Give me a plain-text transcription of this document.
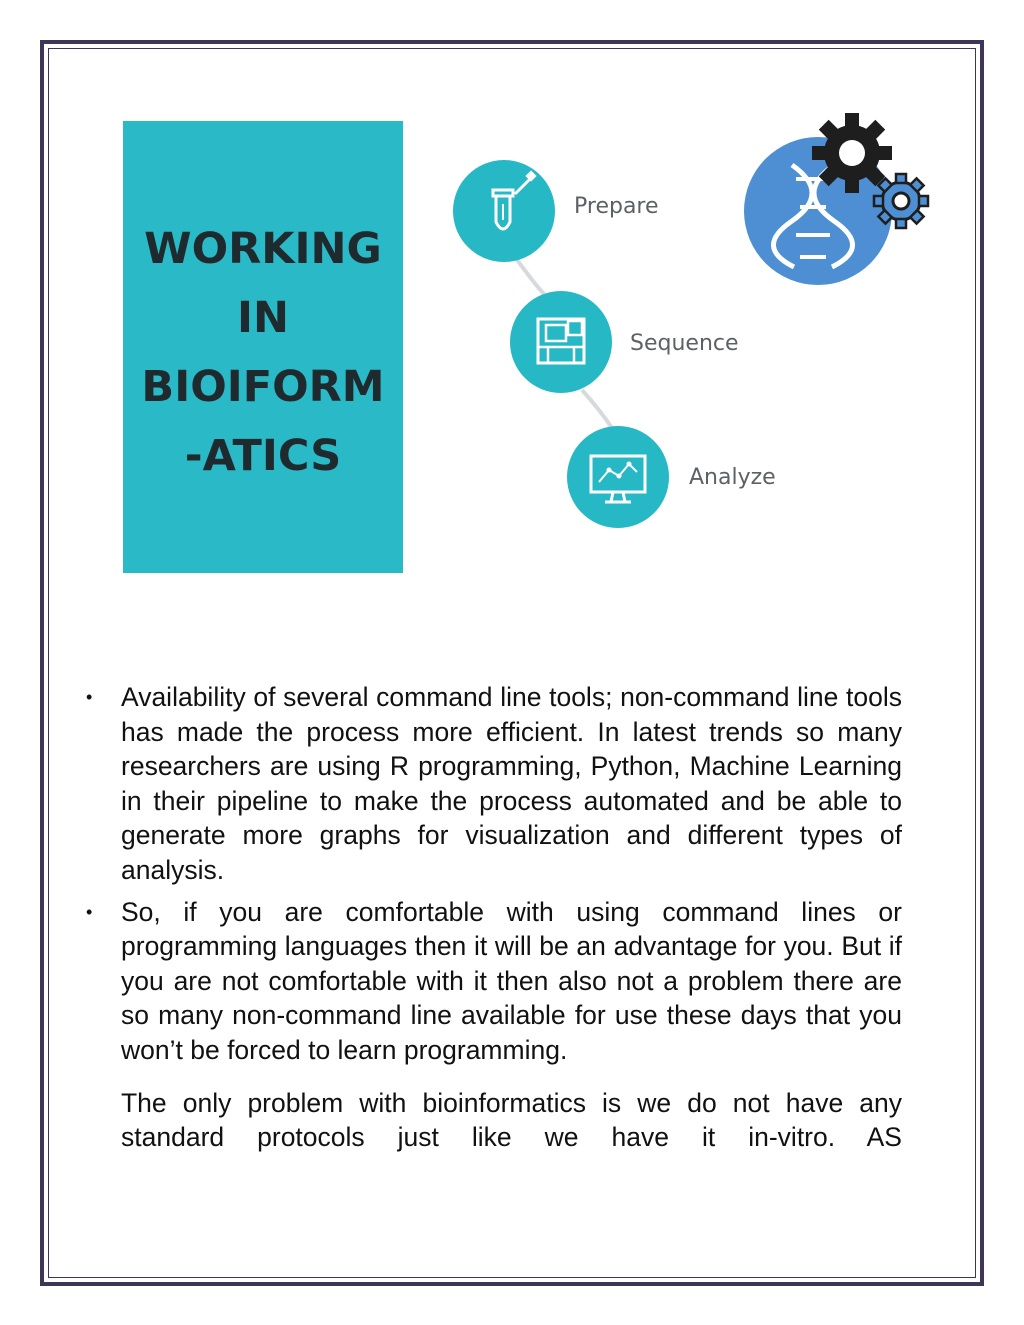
WORKING
IN
BIOIFORM
-ATICS
Prepare
Sequence
Analyze
• Availability of several command line tools; non-command line tools has made the process more efficient. In latest trends so many researchers are using R programming, Python, Machine Learning in their pipeline to make the process automated and be able to generate more graphs for visualization and different types of analysis.
• So, if you are comfortable with using command lines or programming languages then it will be an advantage for you. But if you are not comfortable with it then also not a problem there are so many non-command line available for use these days that you won’t be forced to learn programming.

The only problem with bioinformatics is we do not have any standard protocols just like we have it in-vitro. AS
